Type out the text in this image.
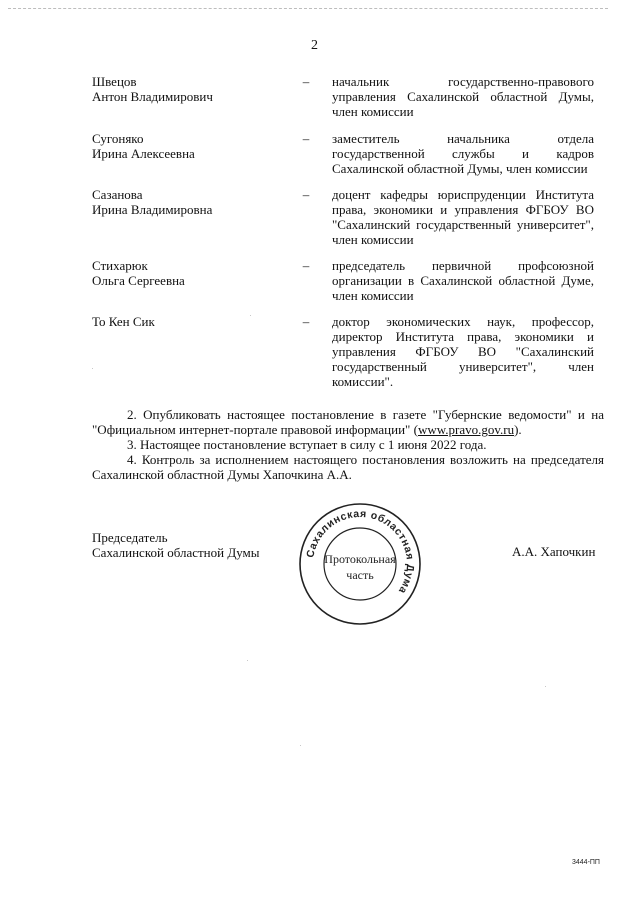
2
Швецов
Антон Владимирович
– начальник государственно-правового управления Сахалинской областной Думы, член комиссии
Сугоняко
Ирина Алексеевна
– заместитель начальника отдела государственной службы и кадров Сахалинской областной Думы, член комиссии
Сазанова
Ирина Владимировна
– доцент кафедры юриспруденции Института права, экономики и управления ФГБОУ ВО "Сахалинский государственный университет", член комиссии
Стихарюк
Ольга Сергеевна
– председатель первичной профсоюзной организации в Сахалинской областной Думе, член комиссии
То Кен Сик	– доктор экономических наук, профессор, директор Института права, экономики и управления ФГБОУ ВО "Сахалинский государственный университет", член комиссии".

2. Опубликовать настоящее постановление в газете "Губернские ведомости" и на "Официальном интернет-портале правовой информации" (www.pravo.gov.ru).

3. Настоящее постановление вступает в силу с 1 июня 2022 года.

4. Контроль за исполнением настоящего постановления возложить на председателя Сахалинской областной Думы Хапочкина А.А.

Председатель
Сахалинской областной Думы	Сахалинская областная Дума
Протокольная
часть
А.А. Хапочкин
3444-ПП
